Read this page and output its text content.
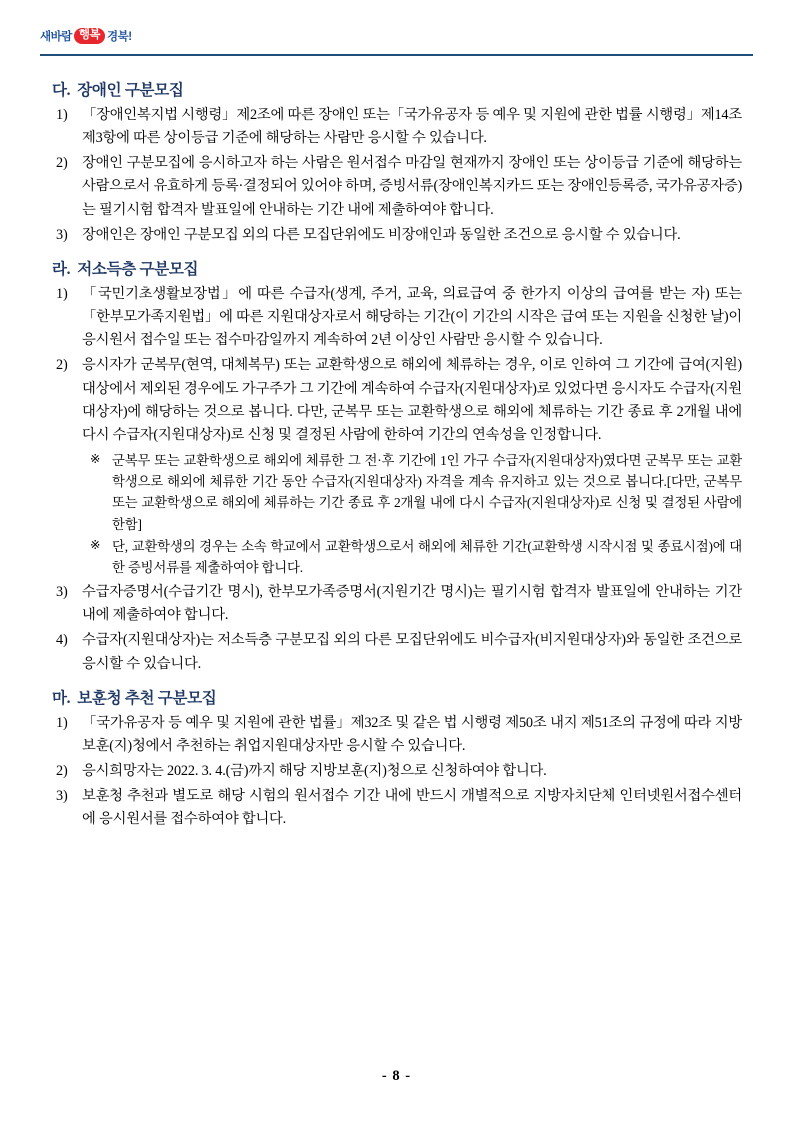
새바람 행복 경북!
다. 장애인 구분모집
1)	「장애인복지법 시행령」제2조에 따른 장애인 또는「국가유공자 등 예우 및 지원에 관한 법률 시행령」제14조제3항에 따른 상이등급 기준에 해당하는 사람만 응시할 수 있습니다.
2)	장애인 구분모집에 응시하고자 하는 사람은 원서접수 마감일 현재까지 장애인 또는 상이등급 기준에 해당하는 사람으로서 유효하게 등록·결정되어 있어야 하며, 증빙서류(장애인복지카드 또는 장애인등록증, 국가유공자증)는 필기시험 합격자 발표일에 안내하는 기간 내에 제출하여야 합니다.
3)	장애인은 장애인 구분모집 외의 다른 모집단위에도 비장애인과 동일한 조건으로 응시할 수 있습니다.
라. 저소득층 구분모집
1)	「국민기초생활보장법」에 따른 수급자(생계, 주거, 교육, 의료급여 중 한가지 이상의 급여를 받는 자) 또는 「한부모가족지원법」에 따른 지원대상자로서 해당하는 기간(이 기간의 시작은 급여 또는 지원을 신청한 날)이 응시원서 접수일 또는 접수마감일까지 계속하여 2년 이상인 사람만 응시할 수 있습니다.
2)	응시자가 군복무(현역, 대체복무) 또는 교환학생으로 해외에 체류하는 경우, 이로 인하여 그 기간에 급여(지원)대상에서 제외된 경우에도 가구주가 그 기간에 계속하여 수급자(지원대상자)로 있었다면 응시자도 수급자(지원대상자)에 해당하는 것으로 봅니다. 다만, 군복무 또는 교환학생으로 해외에 체류하는 기간 종료 후 2개월 내에 다시 수급자(지원대상자)로 신청 및 결정된 사람에 한하여 기간의 연속성을 인정합니다.
※ 군복무 또는 교환학생으로 해외에 체류한 그 전·후 기간에 1인 가구 수급자(지원대상자)였다면 군복무 또는 교환학생으로 해외에 체류한 기간 동안 수급자(지원대상자) 자격을 계속 유지하고 있는 것으로 봅니다.[다만, 군복무 또는 교환학생으로 해외에 체류하는 기간 종료 후 2개월 내에 다시 수급자(지원대상자)로 신청 및 결정된 사람에 한함]
※ 단, 교환학생의 경우는 소속 학교에서 교환학생으로서 해외에 체류한 기간(교환학생 시작시점 및 종료시점)에 대한 증빙서류를 제출하여야 합니다.
3)	수급자증명서(수급기간 명시), 한부모가족증명서(지원기간 명시)는 필기시험 합격자 발표일에 안내하는 기간 내에 제출하여야 합니다.
4)	수급자(지원대상자)는 저소득층 구분모집 외의 다른 모집단위에도 비수급자(비지원대상자)와 동일한 조건으로 응시할 수 있습니다.
마. 보훈청 추천 구분모집
1)	「국가유공자 등 예우 및 지원에 관한 법률」제32조 및 같은 법 시행령 제50조 내지 제51조의 규정에 따라 지방보훈(지)청에서 추천하는 취업지원대상자만 응시할 수 있습니다.
2)	응시희망자는 2022. 3. 4.(금)까지 해당 지방보훈(지)청으로 신청하여야 합니다.
3)	보훈청 추천과 별도로 해당 시험의 원서접수 기간 내에 반드시 개별적으로 지방자치단체 인터넷원서접수센터에 응시원서를 접수하여야 합니다.
- 8 -
